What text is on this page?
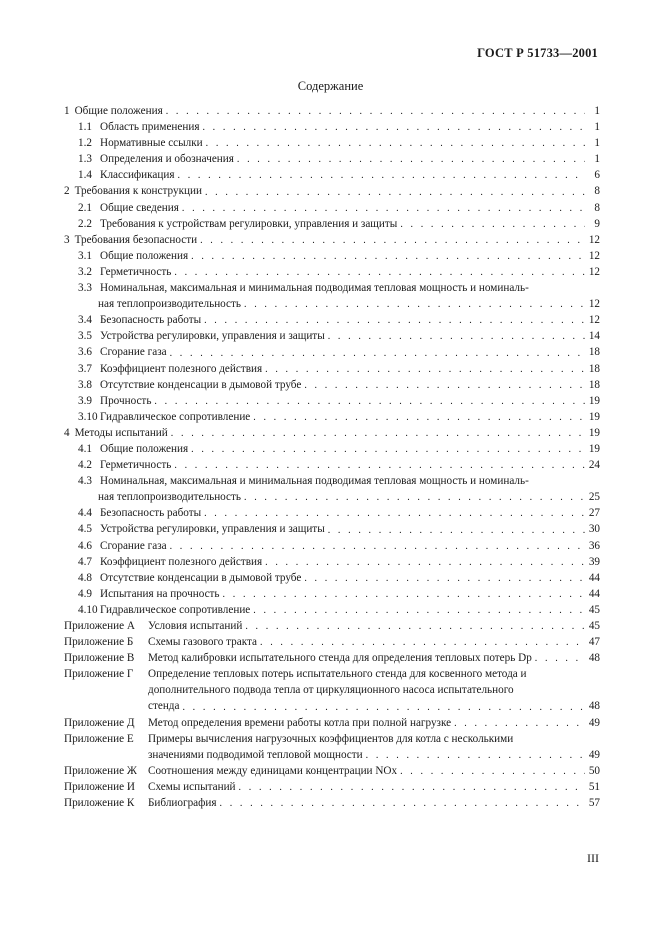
ГОСТ Р 51733—2001
Содержание
1 Общие положения . . .	1
1.1 Область применения . . .	1
1.2 Нормативные ссылки . . .	1
1.3 Определения и обозначения . . .	1
1.4 Классификация . . .	6
2 Требования к конструкции . . .	8
2.1 Общие сведения . . .	8
2.2 Требования к устройствам регулировки, управления и защиты . . .	9
3 Требования безопасности . . .	12
3.1 Общие положения . . .	12
3.2 Герметичность . . .	12
3.3 Номинальная, максимальная и минимальная подводимая тепловая мощность и номиналь-
ная теплопроизводительность . . .	12
3.4 Безопасность работы . . .	12
3.5 Устройства регулировки, управления и защиты . . .	14
3.6 Сгорание газа . . .	18
3.7 Коэффициент полезного действия . . .	18
3.8 Отсутствие конденсации в дымовой трубе . . .	18
3.9 Прочность . . .	19
3.10 Гидравлическое сопротивление . . .	19
4 Методы испытаний . . .	19
4.1 Общие положения . . .	19
4.2 Герметичность . . .	24
4.3 Номинальная, максимальная и минимальная подводимая тепловая мощность и номиналь-
ная теплопроизводительность . . .	25
4.4 Безопасность работы . . .	27
4.5 Устройства регулировки, управления и защиты . . .	30
4.6 Сгорание газа . . .	36
4.7 Коэффициент полезного действия . . .	39
4.8 Отсутствие конденсации в дымовой трубе . . .	44
4.9 Испытания на прочность . . .	44
4.10 Гидравлическое сопротивление . . .	45
Приложение А	Условия испытаний . . .	45
Приложение Б	Схемы газового тракта . . .	47
Приложение В	Метод калибровки испытательного стенда для определения тепловых потерь Dp . . .	48
Приложение Г	Определение тепловых потерь испытательного стенда для косвенного метода и
дополнительного подвода тепла от циркуляционного насоса испытательного
стенда . . .	48
Приложение Д	Метод определения времени работы котла при полной нагрузке . . .	49
Приложение Е	Примеры вычисления нагрузочных коэффициентов для котла с несколькими
значениями подводимой тепловой мощности . . .	49
Приложение Ж Соотношения между единицами концентрации NOx . . .	50
Приложение И	Схемы испытаний . . .	51
Приложение К	Библиография . . .	57
III
